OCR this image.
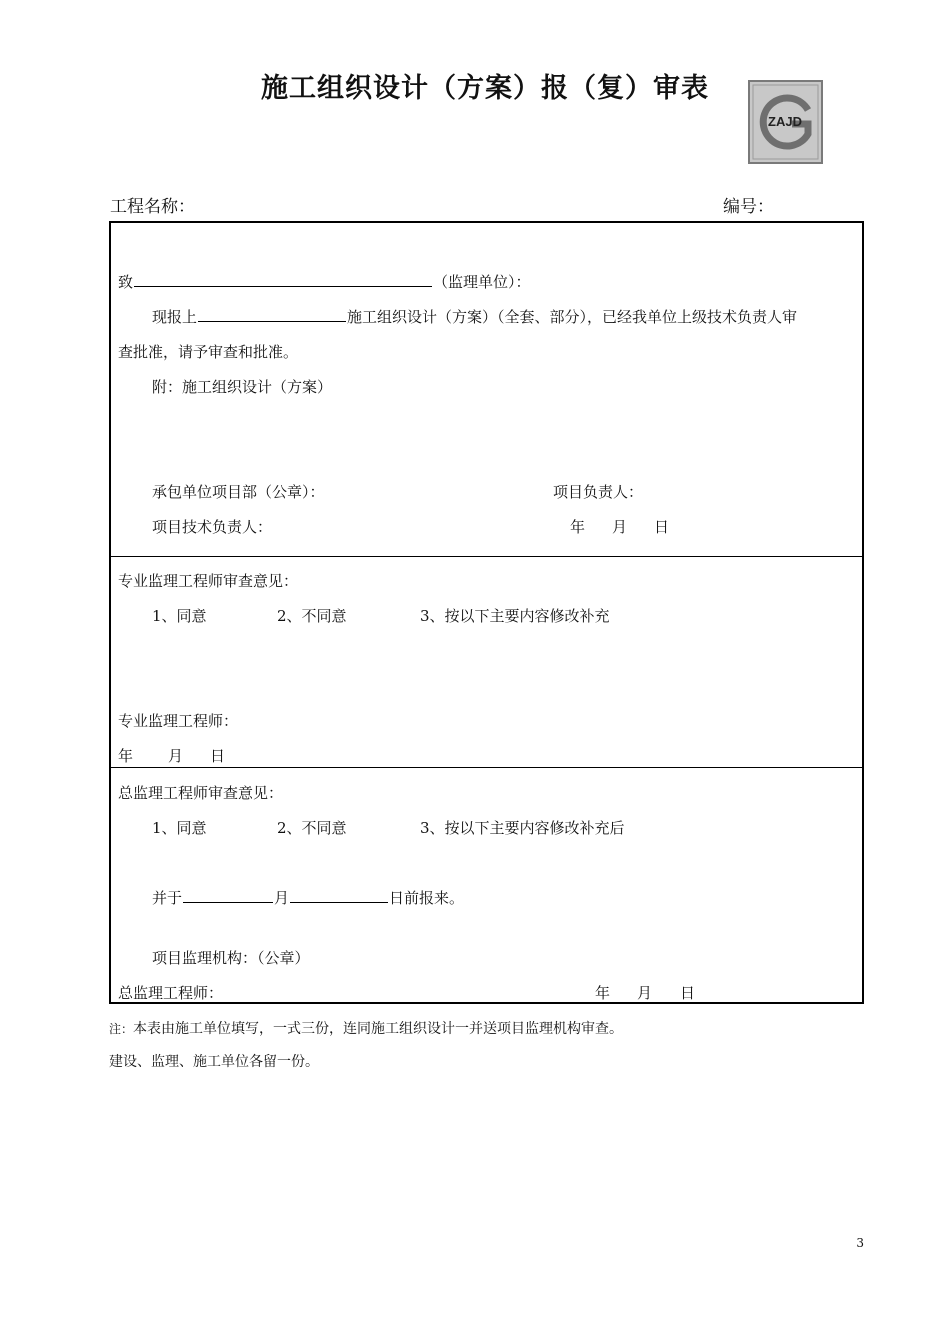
施工组织设计（方案）报（复）审表
ZAJD
工程名称：	编号：
致	（监理单位）：
现报上	施工组织设计（方案）（全套、部分），已经我单位上级技术负责人审
查批准，请予审查和批准。
附：施工组织设计（方案）
承包单位项目部（公章）：	项目负责人：
项目技术负责人：	年 月 日
专业监理工程师审查意见：
1、同意	2、不同意	3、按以下主要内容修改补充
专业监理工程师：
年 月 日
总监理工程师审查意见：
1、同意	2、不同意	3、按以下主要内容修改补充后
并于	月	日前报来。
项目监理机构：（公章）
总监理工程师：	年 月 日
注：本表由施工单位填写，一式三份，连同施工组织设计一并送项目监理机构审查。
建设、监理、施工单位各留一份。
3
